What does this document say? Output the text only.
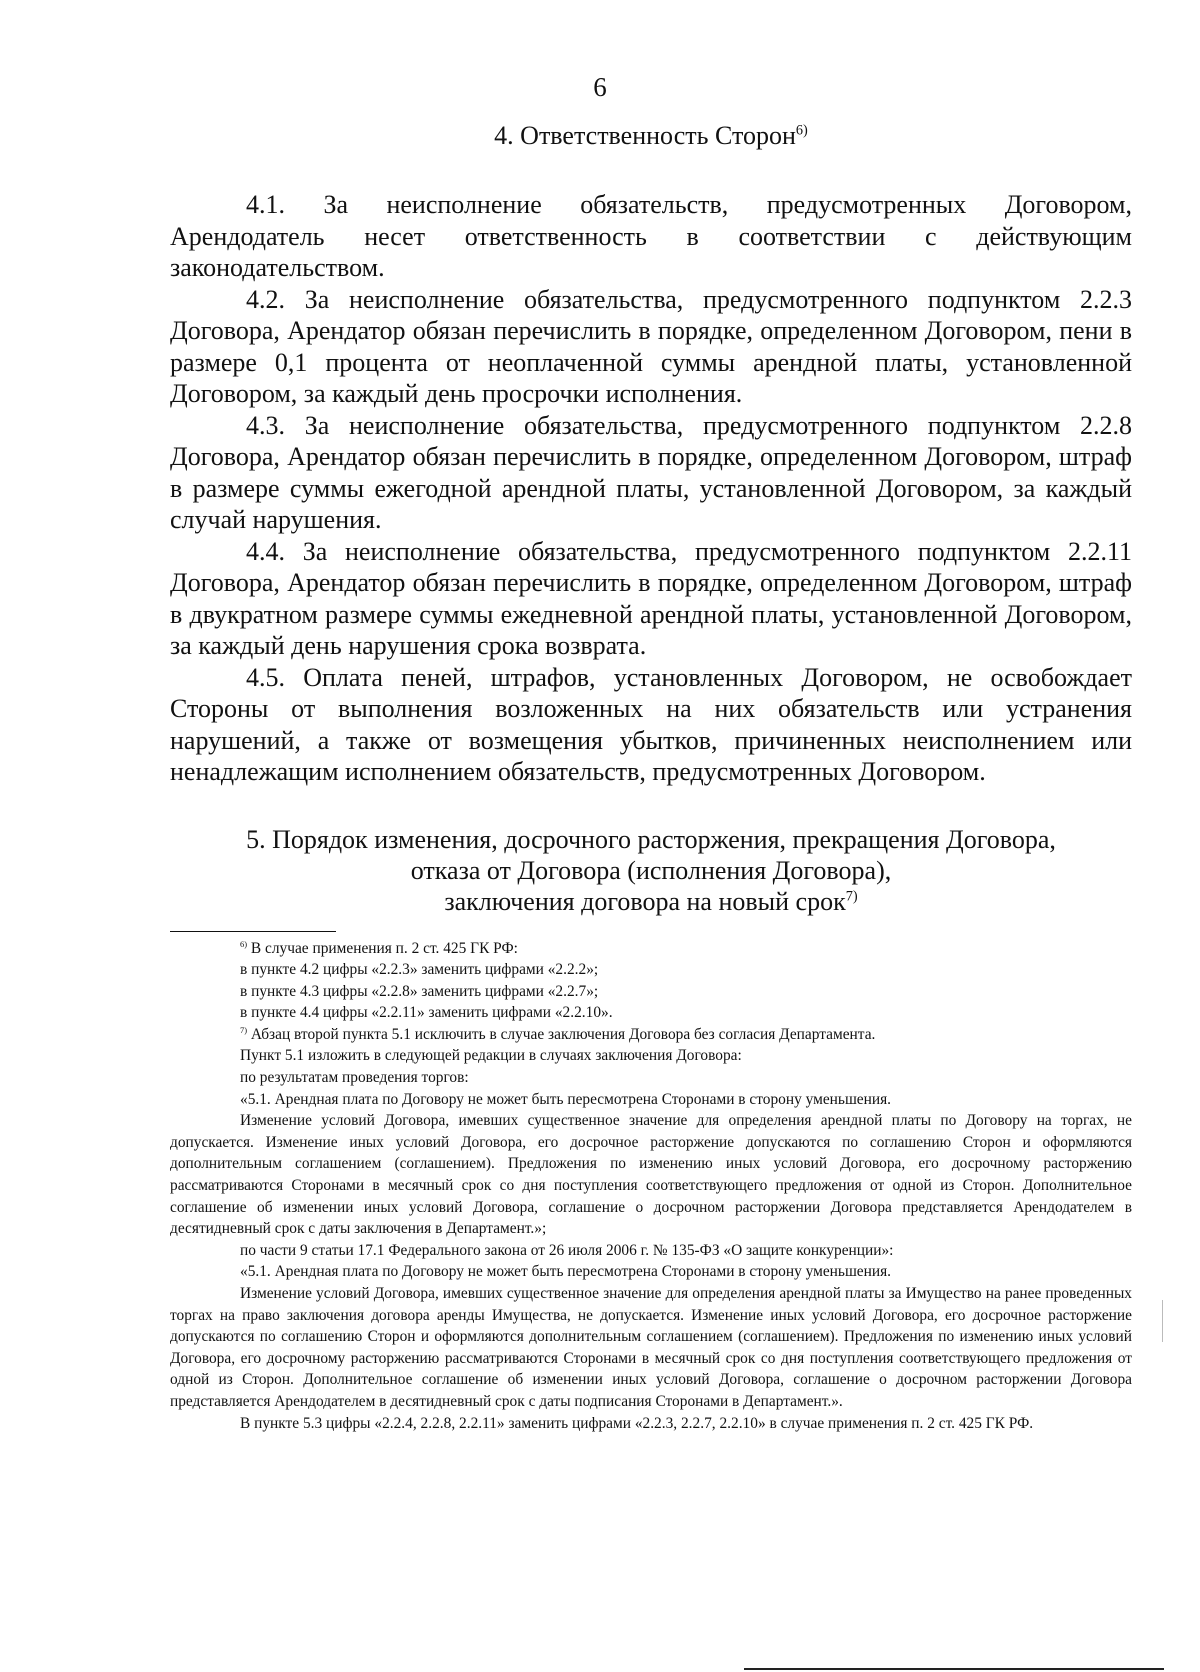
6

4. Ответственность Сторон$^{6)}$

4.1. За неисполнение обязательств, предусмотренных Договором, Арендодатель несет ответственность в соответствии с действующим законодательством.

4.2. За неисполнение обязательства, предусмотренного подпунктом 2.2.3 Договора, Арендатор обязан перечислить в порядке, определенном Договором, пени в размере 0,1 процента от неоплаченной суммы арендной платы, установленной Договором, за каждый день просрочки исполнения.

4.3. За неисполнение обязательства, предусмотренного подпунктом 2.2.8 Договора, Арендатор обязан перечислить в порядке, определенном Договором, штраф в размере суммы ежегодной арендной платы, установленной Договором, за каждый случай нарушения.

4.4. За неисполнение обязательства, предусмотренного подпунктом 2.2.11 Договора, Арендатор обязан перечислить в порядке, определенном Договором, штраф в двукратном размере суммы ежедневной арендной платы, установленной Договором, за каждый день нарушения срока возврата.

4.5. Оплата пеней, штрафов, установленных Договором, не освобождает Стороны от выполнения возложенных на них обязательств или устранения нарушений, а также от возмещения убытков, причиненных неисполнением или ненадлежащим исполнением обязательств, предусмотренных Договором.

5. Порядок изменения, досрочного расторжения, прекращения Договора,
отказа от Договора (исполнения Договора),
заключения договора на новый срок$^{7)}$

$^{6)}$ В случае применения п. 2 ст. 425 ГК РФ:

в пункте 4.2 цифры «2.2.3» заменить цифрами «2.2.2»;

в пункте 4.3 цифры «2.2.8» заменить цифрами «2.2.7»;

в пункте 4.4 цифры «2.2.11» заменить цифрами «2.2.10».

$^{7)}$ Абзац второй пункта 5.1 исключить в случае заключения Договора без согласия Департамента.

Пункт 5.1 изложить в следующей редакции в случаях заключения Договора:

по результатам проведения торгов:

«5.1. Арендная плата по Договору не может быть пересмотрена Сторонами в сторону уменьшения.

Изменение условий Договора, имевших существенное значение для определения арендной платы по Договору на торгах, не допускается. Изменение иных условий Договора, его досрочное расторжение допускаются по соглашению Сторон и оформляются дополнительным соглашением (соглашением). Предложения по изменению иных условий Договора, его досрочному расторжению рассматриваются Сторонами в месячный срок со дня поступления соответствующего предложения от одной из Сторон. Дополнительное соглашение об изменении иных условий Договора, соглашение о досрочном расторжении Договора представляется Арендодателем в десятидневный срок с даты заключения в Департамент.»;

по части 9 статьи 17.1 Федерального закона от 26 июля 2006 г. № 135-ФЗ «О защите конкуренции»:

«5.1. Арендная плата по Договору не может быть пересмотрена Сторонами в сторону уменьшения.

Изменение условий Договора, имевших существенное значение для определения арендной платы за Имущество на ранее проведенных торгах на право заключения договора аренды Имущества, не допускается. Изменение иных условий Договора, его досрочное расторжение допускаются по соглашению Сторон и оформляются дополнительным соглашением (соглашением). Предложения по изменению иных условий Договора, его досрочному расторжению рассматриваются Сторонами в месячный срок со дня поступления соответствующего предложения от одной из Сторон. Дополнительное соглашение об изменении иных условий Договора, соглашение о досрочном расторжении Договора представляется Арендодателем в десятидневный срок с даты подписания Сторонами в Департамент.».

В пункте 5.3 цифры «2.2.4, 2.2.8, 2.2.11» заменить цифрами «2.2.3, 2.2.7, 2.2.10» в случае применения п. 2 ст. 425 ГК РФ.
